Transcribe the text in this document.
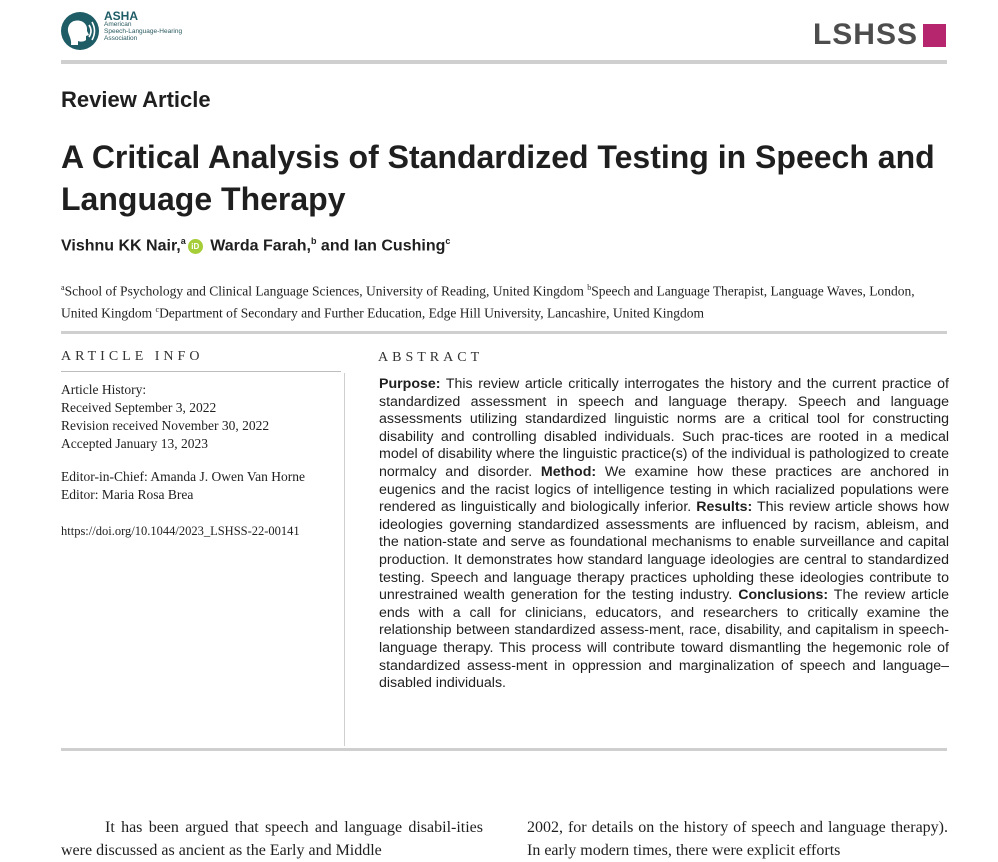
ASHA
American
Speech-Language-Hearing
Association	LSHSS
Review Article
A Critical Analysis of Standardized Testing in Speech and Language Therapy
Vishnu KK Nair,$^a$iD Warda Farah,$^b$ and Ian Cushing$^c$
$^a$School of Psychology and Clinical Language Sciences, University of Reading, United Kingdom $^b$Speech and Language Therapist, Language Waves, London, United Kingdom $^c$Department of Secondary and Further Education, Edge Hill University, Lancashire, United Kingdom
ARTICLE INFO
Article History:
Received September 3, 2022
Revision received November 30, 2022
Accepted January 13, 2023
Editor-in-Chief: Amanda J. Owen Van Horne
Editor: Maria Rosa Brea
https://doi.org/10.1044/2023_LSHSS-22-00141
ABSTRACT
Purpose: This review article critically interrogates the history and the current practice of standardized assessment in speech and language therapy. Speech and language assessments utilizing standardized linguistic norms are a critical tool for constructing disability and controlling disabled individuals. Such prac-tices are rooted in a medical model of disability where the linguistic practice(s) of the individual is pathologized to create normalcy and disorder. Method: We examine how these practices are anchored in eugenics and the racist logics of intelligence testing in which racialized populations were rendered as linguistically and biologically inferior. Results: This review article shows how ideologies governing standardized assessments are influenced by racism, ableism, and the nation-state and serve as foundational mechanisms to enable surveillance and capital production. It demonstrates how standard language ideologies are central to standardized testing. Speech and language therapy practices upholding these ideologies contribute to unrestrained wealth generation for the testing industry. Conclusions: The review article ends with a call for clinicians, educators, and researchers to critically examine the relationship between standardized assess-ment, race, disability, and capitalism in speech-language therapy. This process will contribute toward dismantling the hegemonic role of standardized assess-ment in oppression and marginalization of speech and language–disabled individuals.
It has been argued that speech and language disabil-ities were discussed as ancient as the Early and Middle
2002, for details on the history of speech and language therapy). In early modern times, there were explicit efforts
